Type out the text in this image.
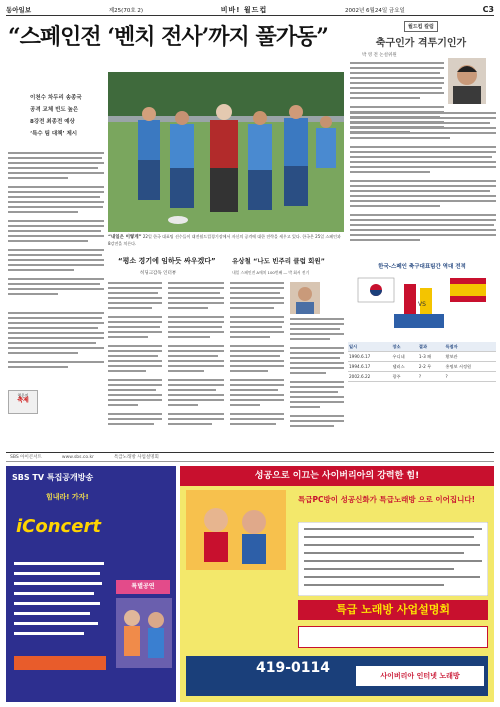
동아일보	제25(70호 2)	비바! 월드컵	2002년 6월24일 금요일	C3
“스페인전 ‘벤치 전사’까지 풀가동”
이천수 차두리 송종국
공격 교체 빈도 높은
8강전 최종전 예상
‘특수 팀 대책’ 제시
“내일은 이렇게” 22일 한국 대표팀 선수들이 대전월드컵경기장에서 자신의 공격에 대한 전략을 세우고 있다. 한국은 25일 스페인과 8강전을 치른다.
“평소 경기에 임하듯 싸우겠다”
히딩크감독 인터뷰
유상철 “나도 빈주리 클럽 회원”
내일 스페인전 A매치 100번째 ― 박 회서 전기
월드컵 칼럼
축구인가 격투기인가
박 영 전 논설위원
한국-스페인 축구대표팀간 역대 전적
VS
일시	장소	결과	득점자
1990.6.17	우디네	1-3 패	황보관
1994.6.17	댈러스	2-2 무	홍명보 서정원
2002.6.22	광주	?	?
행운의
축제
SBS 아이콘서트	www.sbs.co.kr	특급노래방 사업설명회
SBS TV 특집공개방송
힘내라! 가자!
iConcert
특별공연
성공으로 이끄는 사이버리아의 강력한 힘!
특급PC방이 성공신화가 특급노래방 으로 이어집니다!
특급 노래방 사업설명회
419-0114	사이버리아 인터넷 노래방
